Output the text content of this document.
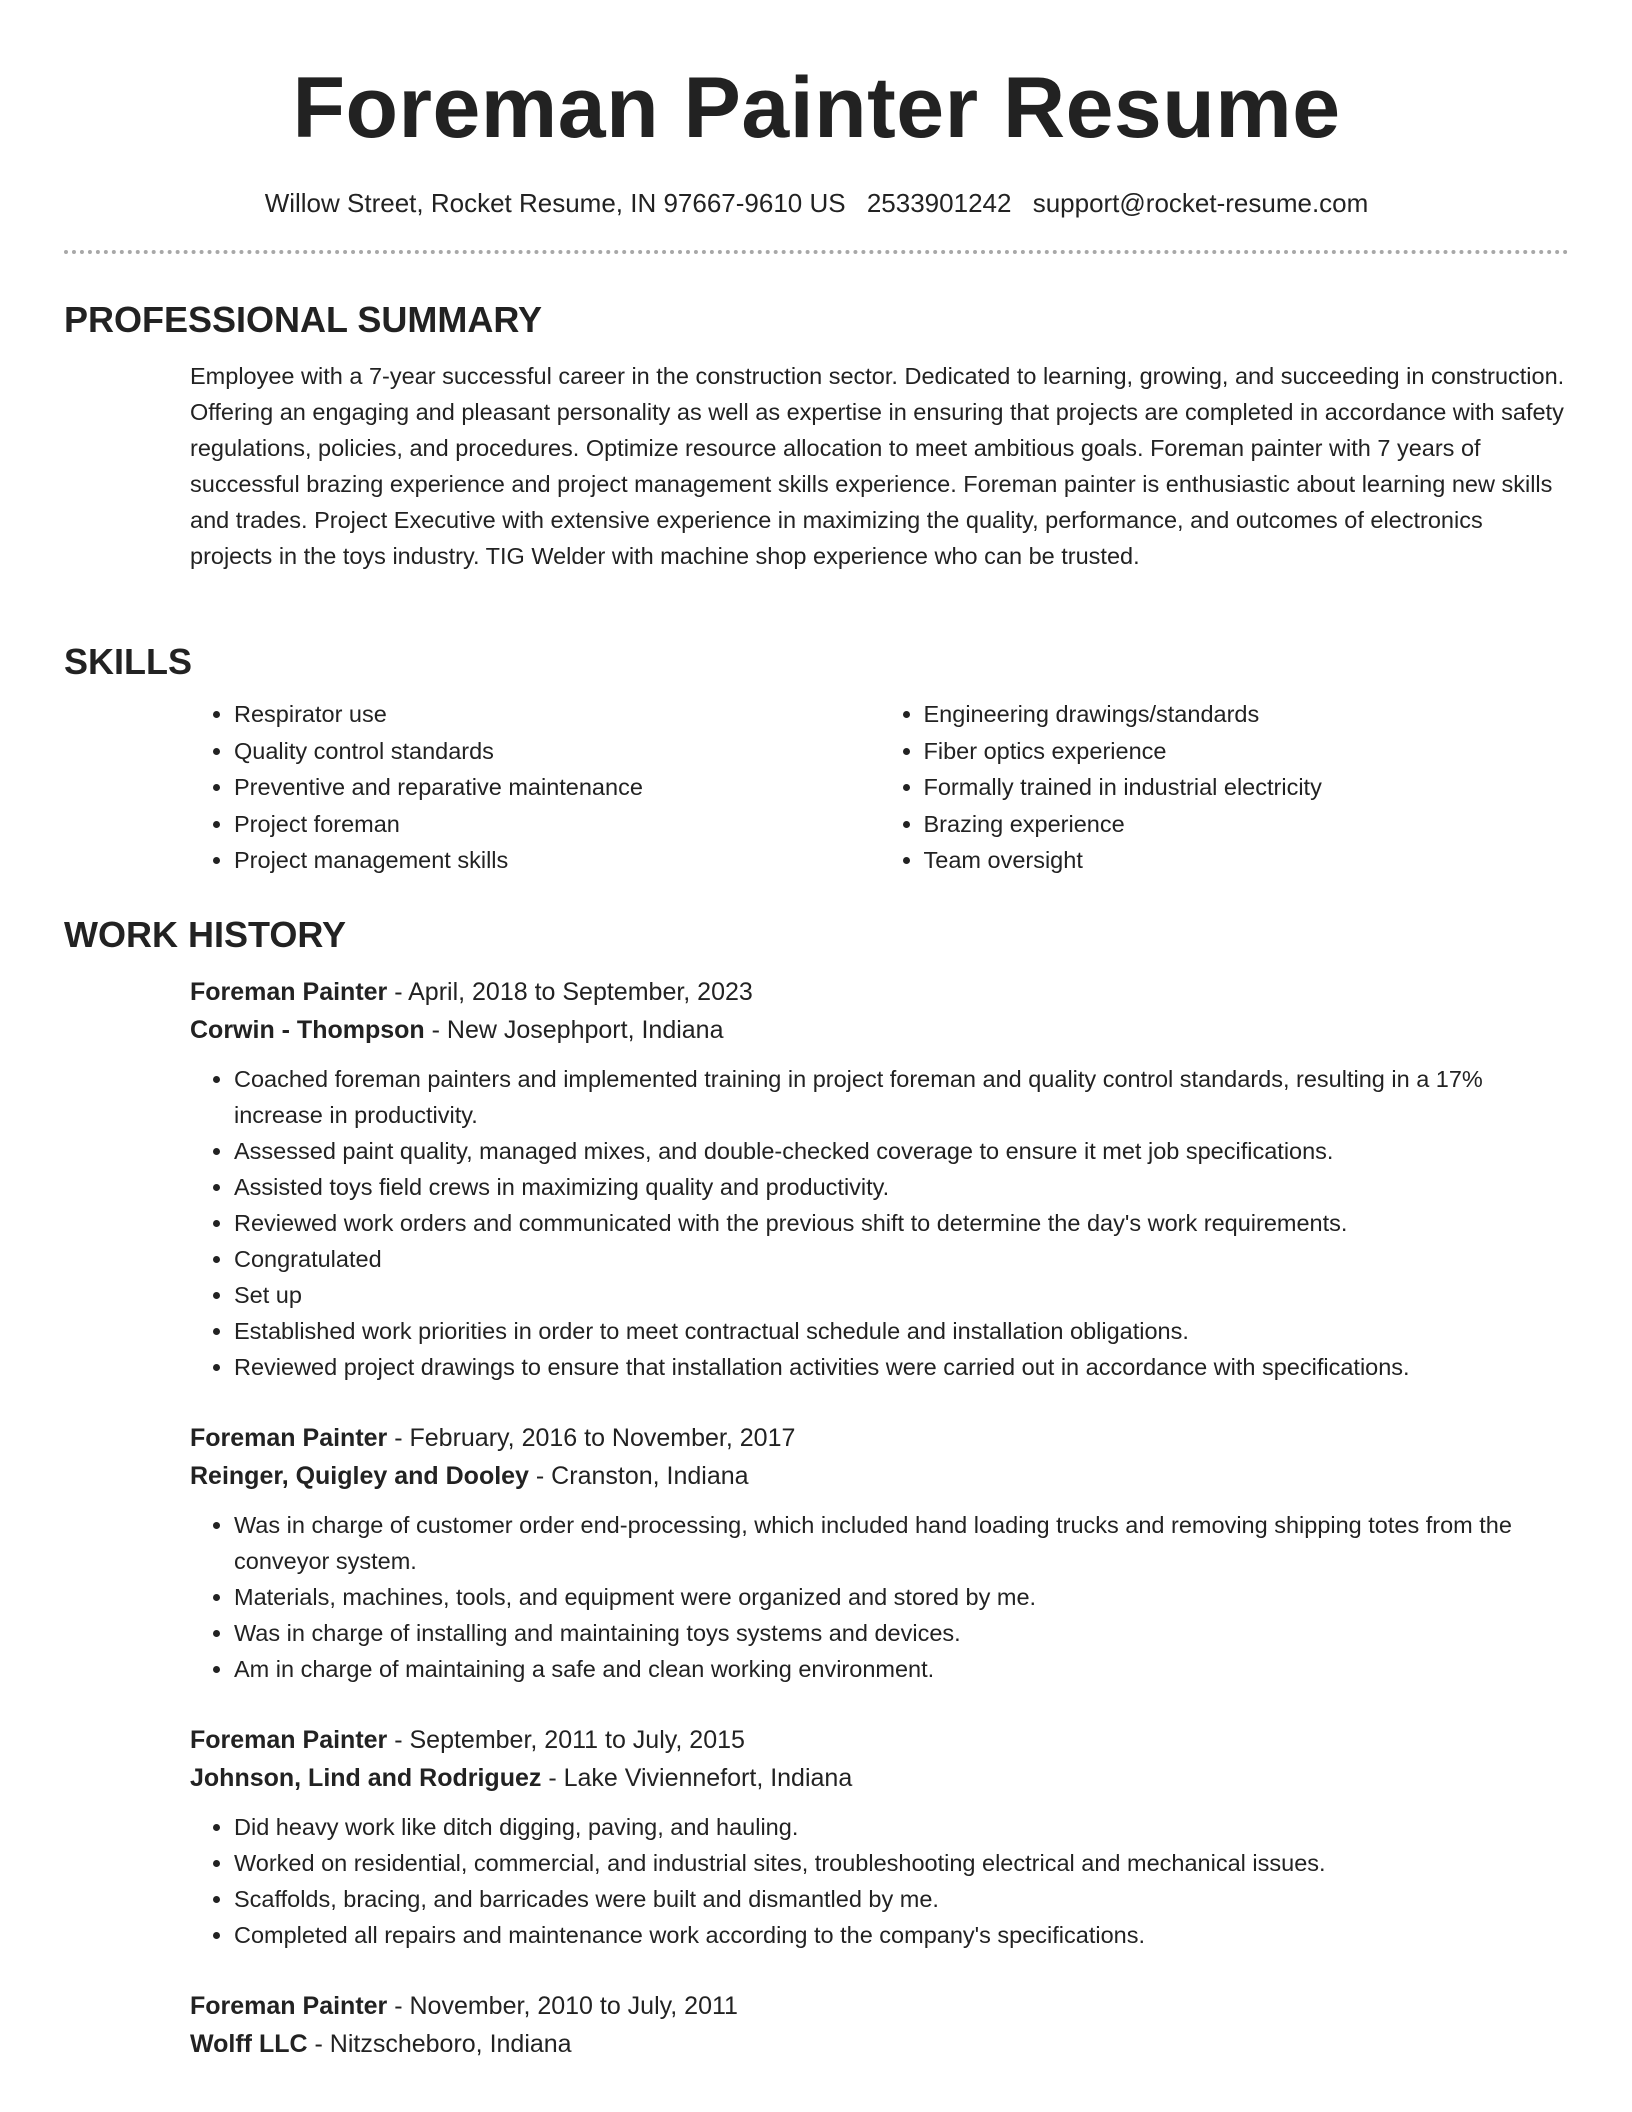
Foreman Painter Resume
Willow Street, Rocket Resume, IN 97667-9610 US 2533901242 support@rocket-resume.com
PROFESSIONAL SUMMARY

Employee with a 7-year successful career in the construction sector. Dedicated to learning, growing, and succeeding in construction. Offering an engaging and pleasant personality as well as expertise in ensuring that projects are completed in accordance with safety regulations, policies, and procedures. Optimize resource allocation to meet ambitious goals. Foreman painter with 7 years of successful brazing experience and project management skills experience. Foreman painter is enthusiastic about learning new skills and trades. Project Executive with extensive experience in maximizing the quality, performance, and outcomes of electronics projects in the toys industry. TIG Welder with machine shop experience who can be trusted.

SKILLS
• Respirator use
• Quality control standards
• Preventive and reparative maintenance
• Project foreman
• Project management skills
• Engineering drawings/standards
• Fiber optics experience
• Formally trained in industrial electricity
• Brazing experience
• Team oversight
WORK HISTORY
Foreman Painter - April, 2018 to September, 2023
Corwin - Thompson - New Josephport, Indiana
• Coached foreman painters and implemented training in project foreman and quality control standards, resulting in a 17% increase in productivity.
• Assessed paint quality, managed mixes, and double-checked coverage to ensure it met job specifications.
• Assisted toys field crews in maximizing quality and productivity.
• Reviewed work orders and communicated with the previous shift to determine the day's work requirements.
• Congratulated
• Set up
• Established work priorities in order to meet contractual schedule and installation obligations.
• Reviewed project drawings to ensure that installation activities were carried out in accordance with specifications.
Foreman Painter - February, 2016 to November, 2017
Reinger, Quigley and Dooley - Cranston, Indiana
• Was in charge of customer order end-processing, which included hand loading trucks and removing shipping totes from the conveyor system.
• Materials, machines, tools, and equipment were organized and stored by me.
• Was in charge of installing and maintaining toys systems and devices.
• Am in charge of maintaining a safe and clean working environment.
Foreman Painter - September, 2011 to July, 2015
Johnson, Lind and Rodriguez - Lake Viviennefort, Indiana
• Did heavy work like ditch digging, paving, and hauling.
• Worked on residential, commercial, and industrial sites, troubleshooting electrical and mechanical issues.
• Scaffolds, bracing, and barricades were built and dismantled by me.
• Completed all repairs and maintenance work according to the company's specifications.
Foreman Painter - November, 2010 to July, 2011
Wolff LLC - Nitzscheboro, Indiana
